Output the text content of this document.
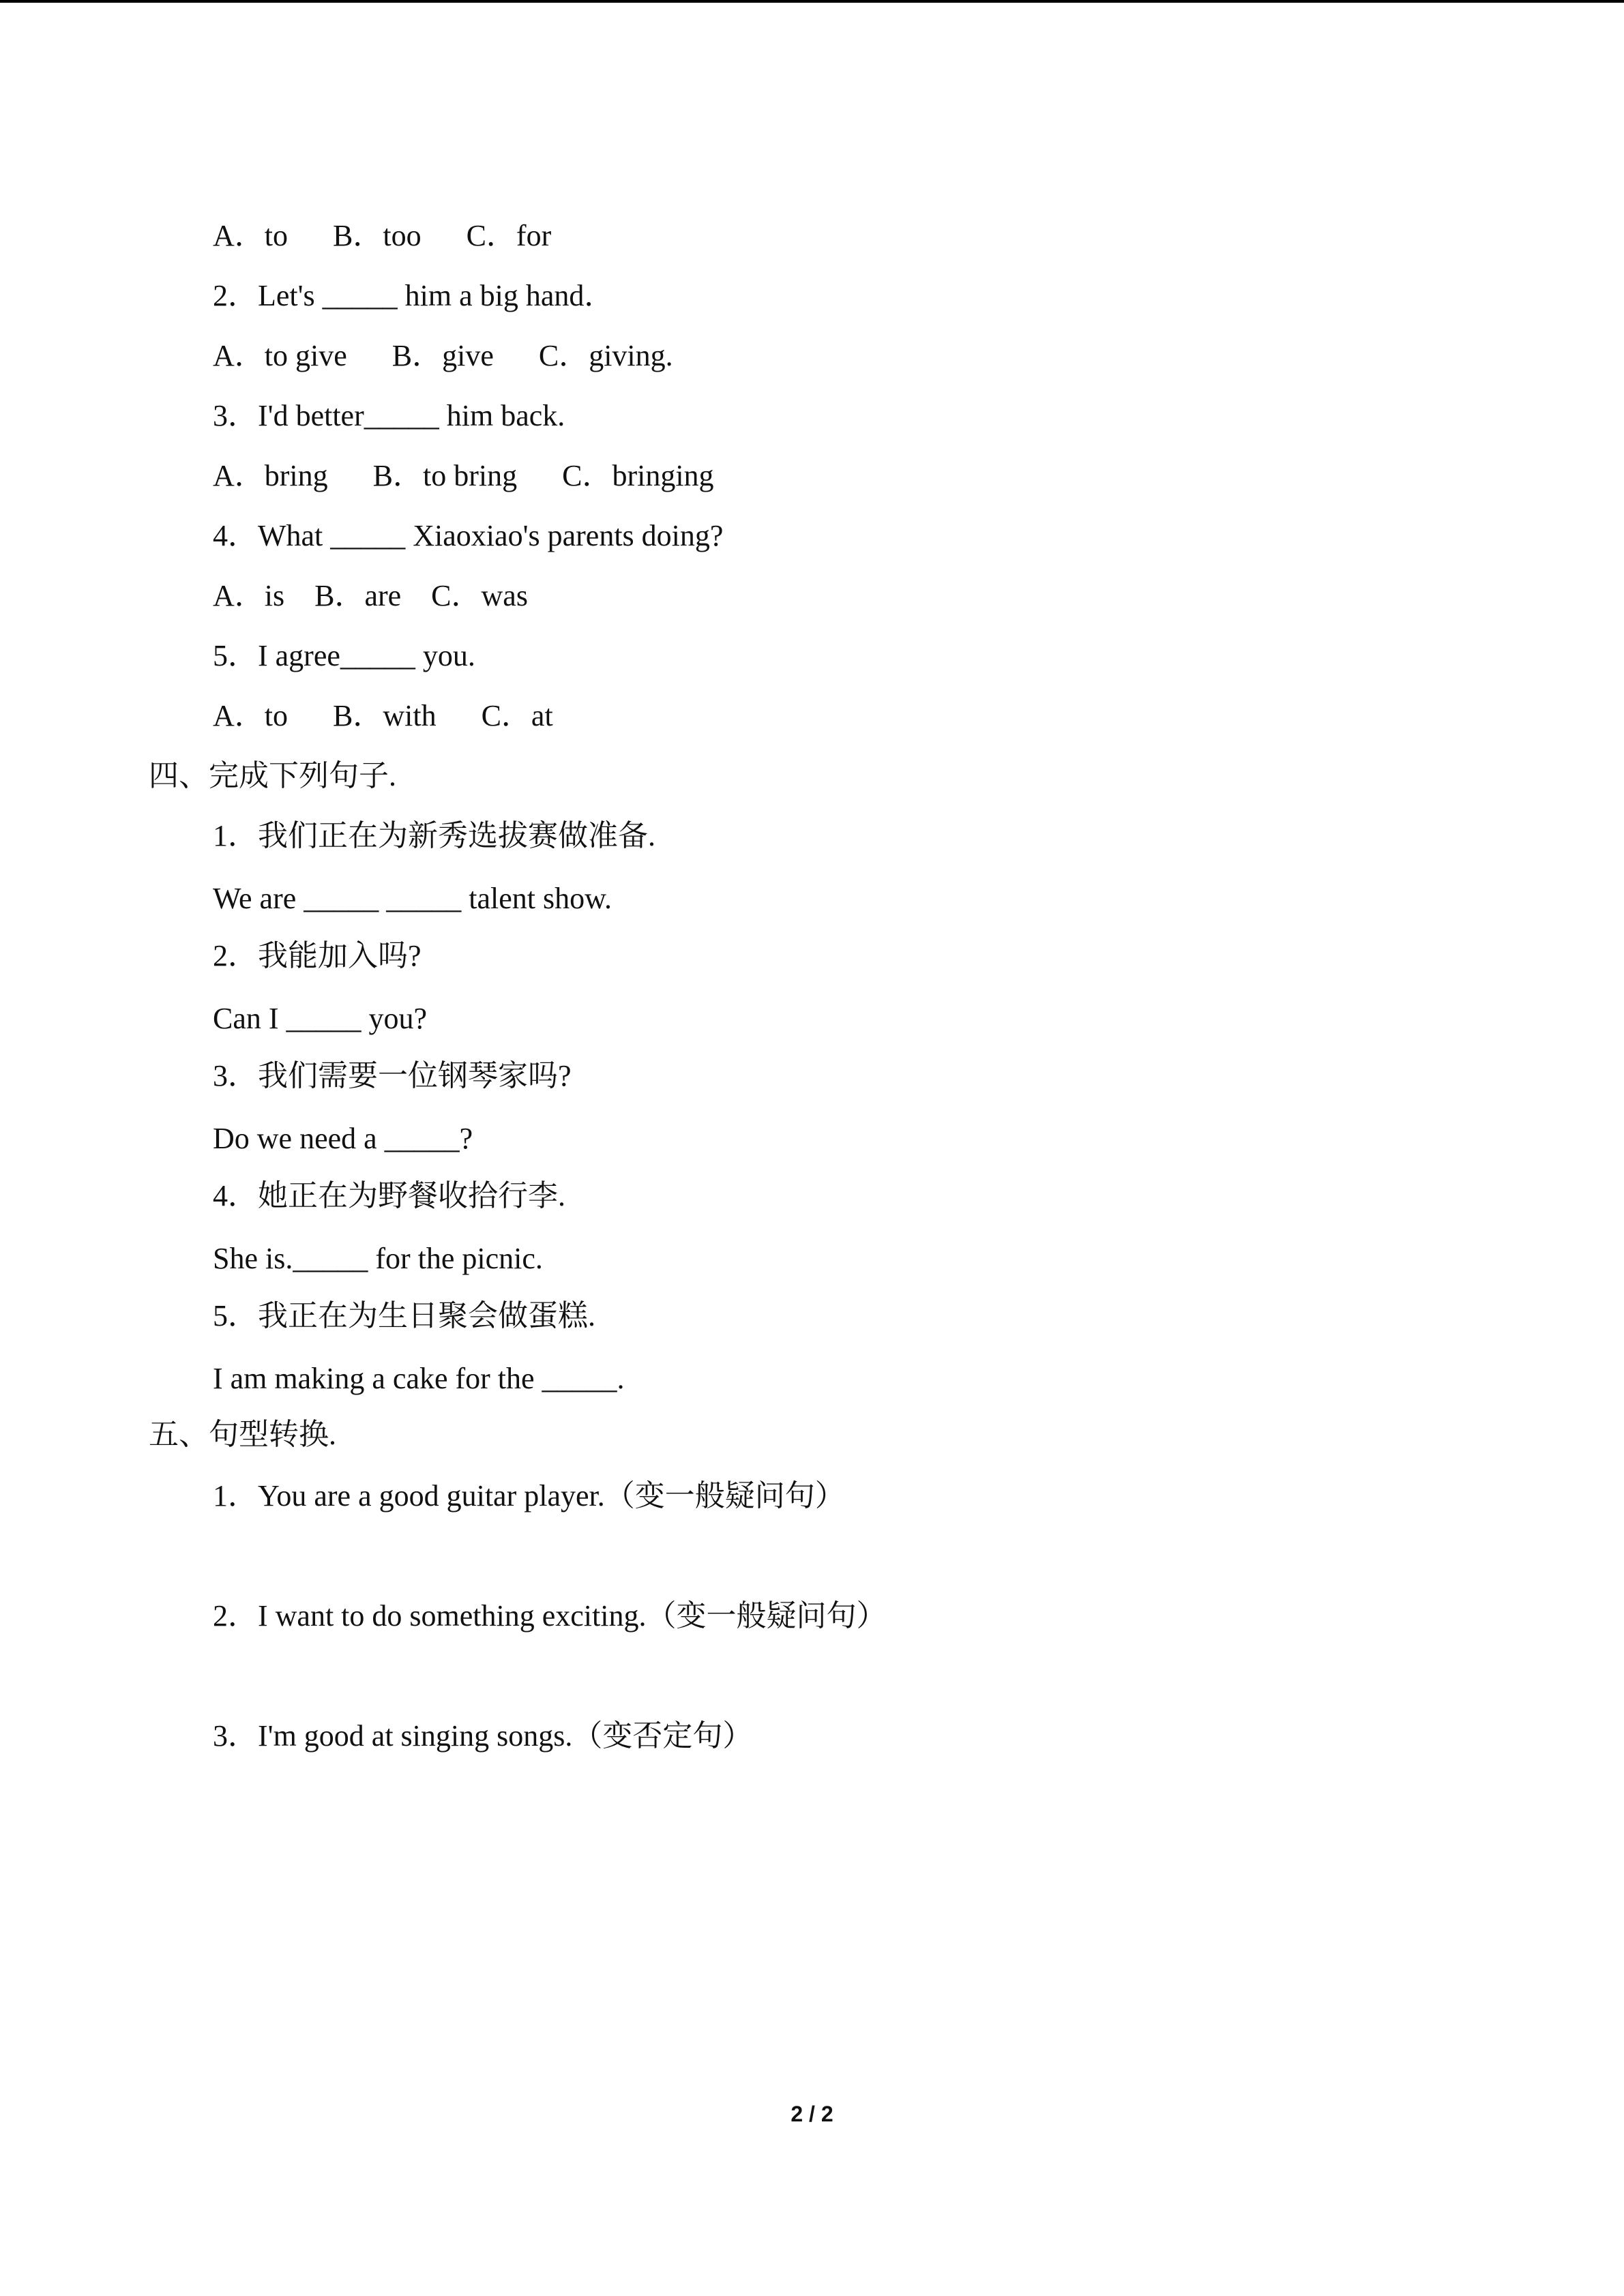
A．to      B．too      C．for
2．Let's _____ him a big hand．
A．to give      B．give      C．giving.
3．I'd better_____ him back.
A．bring      B．to bring      C．bringing
4．What _____ Xiaoxiao's parents doing?
A．is    B．are    C．was
5．I agree_____ you.
A．to      B．with      C．at
四、完成下列句子.
1．我们正在为新秀选拔赛做准备.
We are _____ _____ talent show.
2．我能加入吗?
Can I _____ you?
3．我们需要一位钢琴家吗?
Do we need a _____?
4．她正在为野餐收拾行李.
She is._____ for the picnic.
5．我正在为生日聚会做蛋糕.
I am making a cake for the _____.
五、句型转换.
1．You are a good guitar player.（变一般疑问句）
2．I want to do something exciting.（变一般疑问句）
3．I'm good at singing songs.（变否定句）
2 / 2
